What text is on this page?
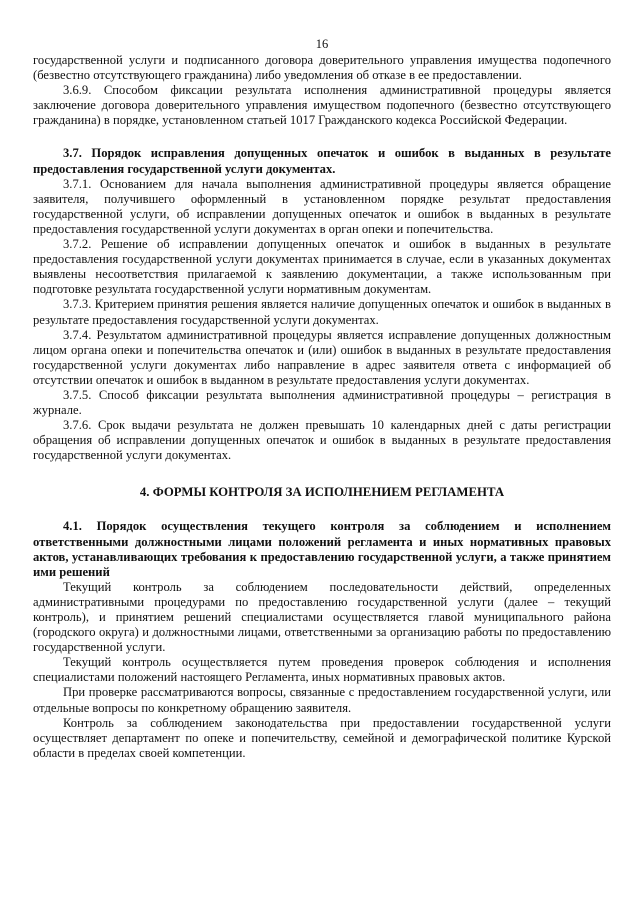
16

государственной услуги и подписанного договора доверительного управления имущества подопечного (безвестно отсутствующего гражданина) либо уведомления об отказе в ее предоставлении.

3.6.9. Способом фиксации результата исполнения административной процедуры является заключение договора доверительного управления имуществом подопечного (безвестно отсутствующего гражданина) в порядке, установленном статьей 1017 Гражданского кодекса Российской Федерации.

3.7. Порядок исправления допущенных опечаток и ошибок в выданных в результате предоставления государственной услуги документах.

3.7.1. Основанием для начала выполнения административной процедуры является обращение заявителя, получившего оформленный в установленном порядке результат предоставления государственной услуги, об исправлении допущенных опечаток и ошибок в выданных в результате предоставления государственной услуги документах в орган опеки и попечительства.

3.7.2. Решение об исправлении допущенных опечаток и ошибок в выданных в результате предоставления государственной услуги документах принимается в случае, если в указанных документах выявлены несоответствия прилагаемой к заявлению документации, а также использованным при подготовке результата государственной услуги нормативным документам.

3.7.3. Критерием принятия решения является наличие допущенных опечаток и ошибок в выданных в результате предоставления государственной услуги документах.

3.7.4. Результатом административной процедуры является исправление допущенных должностным лицом органа опеки и попечительства опечаток и (или) ошибок в выданных в результате предоставления государственной услуги документах либо направление в адрес заявителя ответа с информацией об отсутствии опечаток и ошибок в выданном в результате предоставления услуги документах.

3.7.5. Способ фиксации результата выполнения административной процедуры – регистрация в журнале.

3.7.6. Срок выдачи результата не должен превышать 10 календарных дней с даты регистрации обращения об исправлении допущенных опечаток и ошибок в выданных в результате предоставления государственной услуги документах.

4. ФОРМЫ КОНТРОЛЯ ЗА ИСПОЛНЕНИЕМ РЕГЛАМЕНТА

4.1. Порядок осуществления текущего контроля за соблюдением и исполнением ответственными должностными лицами положений регламента и иных нормативных правовых актов, устанавливающих требования к предоставлению государственной услуги, а также принятием ими решений

Текущий контроль за соблюдением последовательности действий, определенных административными процедурами по предоставлению государственной услуги (далее – текущий контроль), и принятием решений специалистами осуществляется главой муниципального района (городского округа) и должностными лицами, ответственными за организацию работы по предоставлению государственной услуги.

Текущий контроль осуществляется путем проведения проверок соблюдения и исполнения специалистами положений настоящего Регламента, иных нормативных правовых актов.

При проверке рассматриваются вопросы, связанные с предоставлением государственной услуги, или отдельные вопросы по конкретному обращению заявителя.

Контроль за соблюдением законодательства при предоставлении государственной услуги осуществляет департамент по опеке и попечительству, семейной и демографической политике Курской области в пределах своей компетенции.
